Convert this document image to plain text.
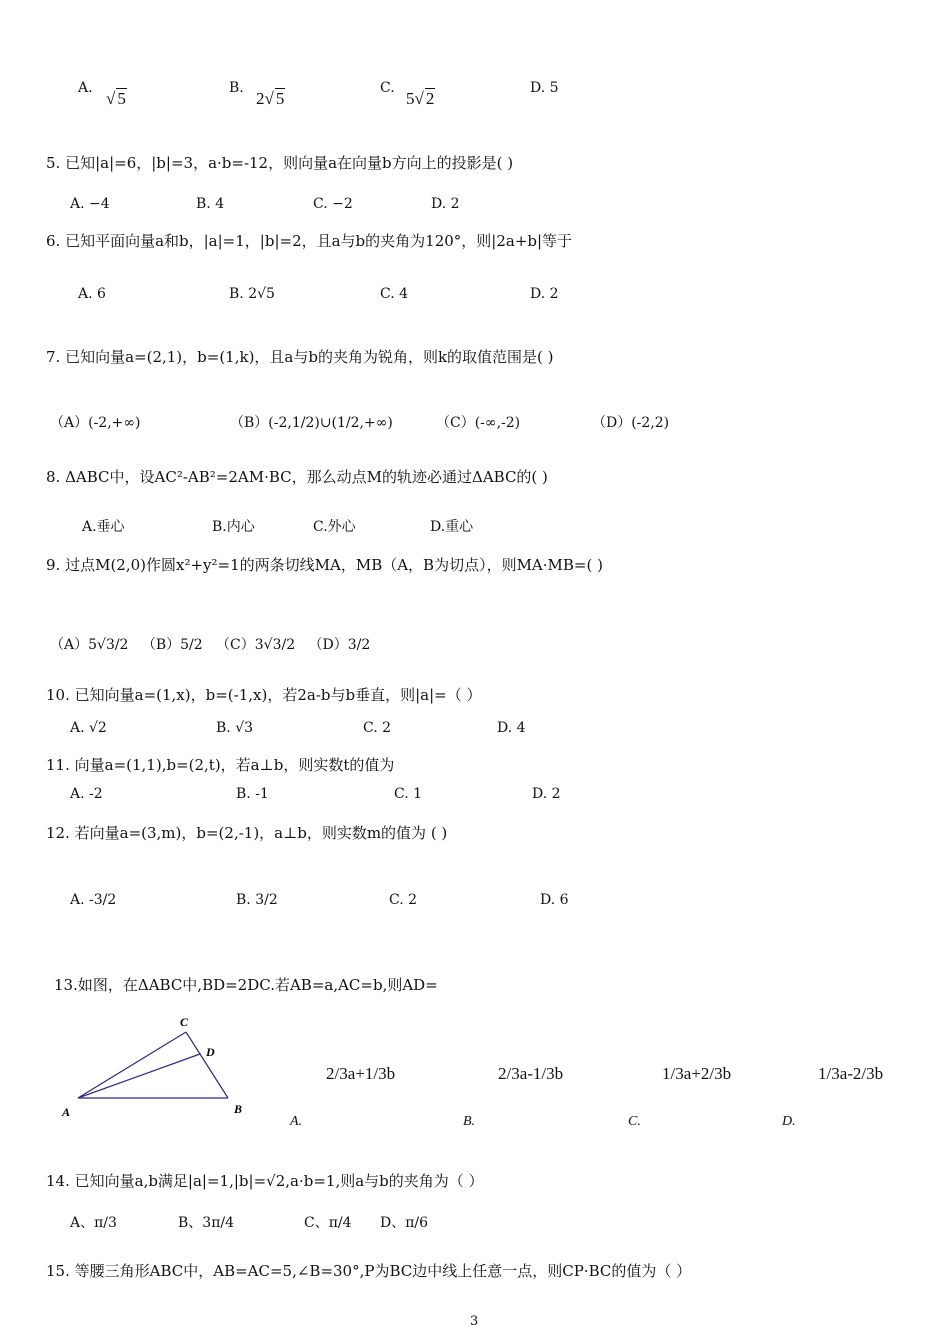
A.
√ 5
B.
2√ 5
C.
5√ 2
D. 5
5. 已知|a|=6，|b|=3，a·b=-12，则向量a在向量b方向上的投影是( )
A. −4	B. 4	C. −2	D. 2
6. 已知平面向量a和b，|a|=1，|b|=2，且a与b的夹角为120°，则|2a+b|等于
A. 6	B. 2√5	C. 4	D. 2
7. 已知向量a=(2,1)，b=(1,k)，且a与b的夹角为锐角，则k的取值范围是( )
（A）(-2,+∞)	（B）(-2,1/2)∪(1/2,+∞)	（C）(-∞,-2)	（D）(-2,2)
8. ΔABC中，设AC²-AB²=2AM·BC，那么动点M的轨迹必通过ΔABC的( )
A.垂心	B.内心	C.外心	D.重心
9. 过点M(2,0)作圆x²+y²=1的两条切线MA，MB（A，B为切点），则MA·MB=( )
（A）5√3/2 （B）5/2 （C）3√3/2 （D）3/2
10. 已知向量a=(1,x)，b=(-1,x)，若2a-b与b垂直，则|a|=（ ）
A. √2	B. √3	C. 2	D. 4
11. 向量a=(1,1),b=(2,t)，若a⊥b，则实数t的值为
A. -2	B. -1	C. 1	D. 2
12. 若向量a=(3,m)，b=(2,-1)，a⊥b，则实数m的值为 ( )
A. -3/2	B. 3/2	C. 2	D. 6
13.如图，在ΔABC中,BD=2DC.若AB=a,AC=b,则AD=
A	B
C
D
2/3a+1/3b	2/3a-1/3b	1/3a+2/3b	1/3a-2/3b
A.	B.	C.	D.
14. 已知向量a,b满足|a|=1,|b|=√2,a·b=1,则a与b的夹角为（ ）
A、π/3	B、3π/4	C、π/4 D、π/6
15. 等腰三角形ABC中，AB=AC=5,∠B=30°,P为BC边中线上任意一点，则CP·BC的值为（ ）
3
